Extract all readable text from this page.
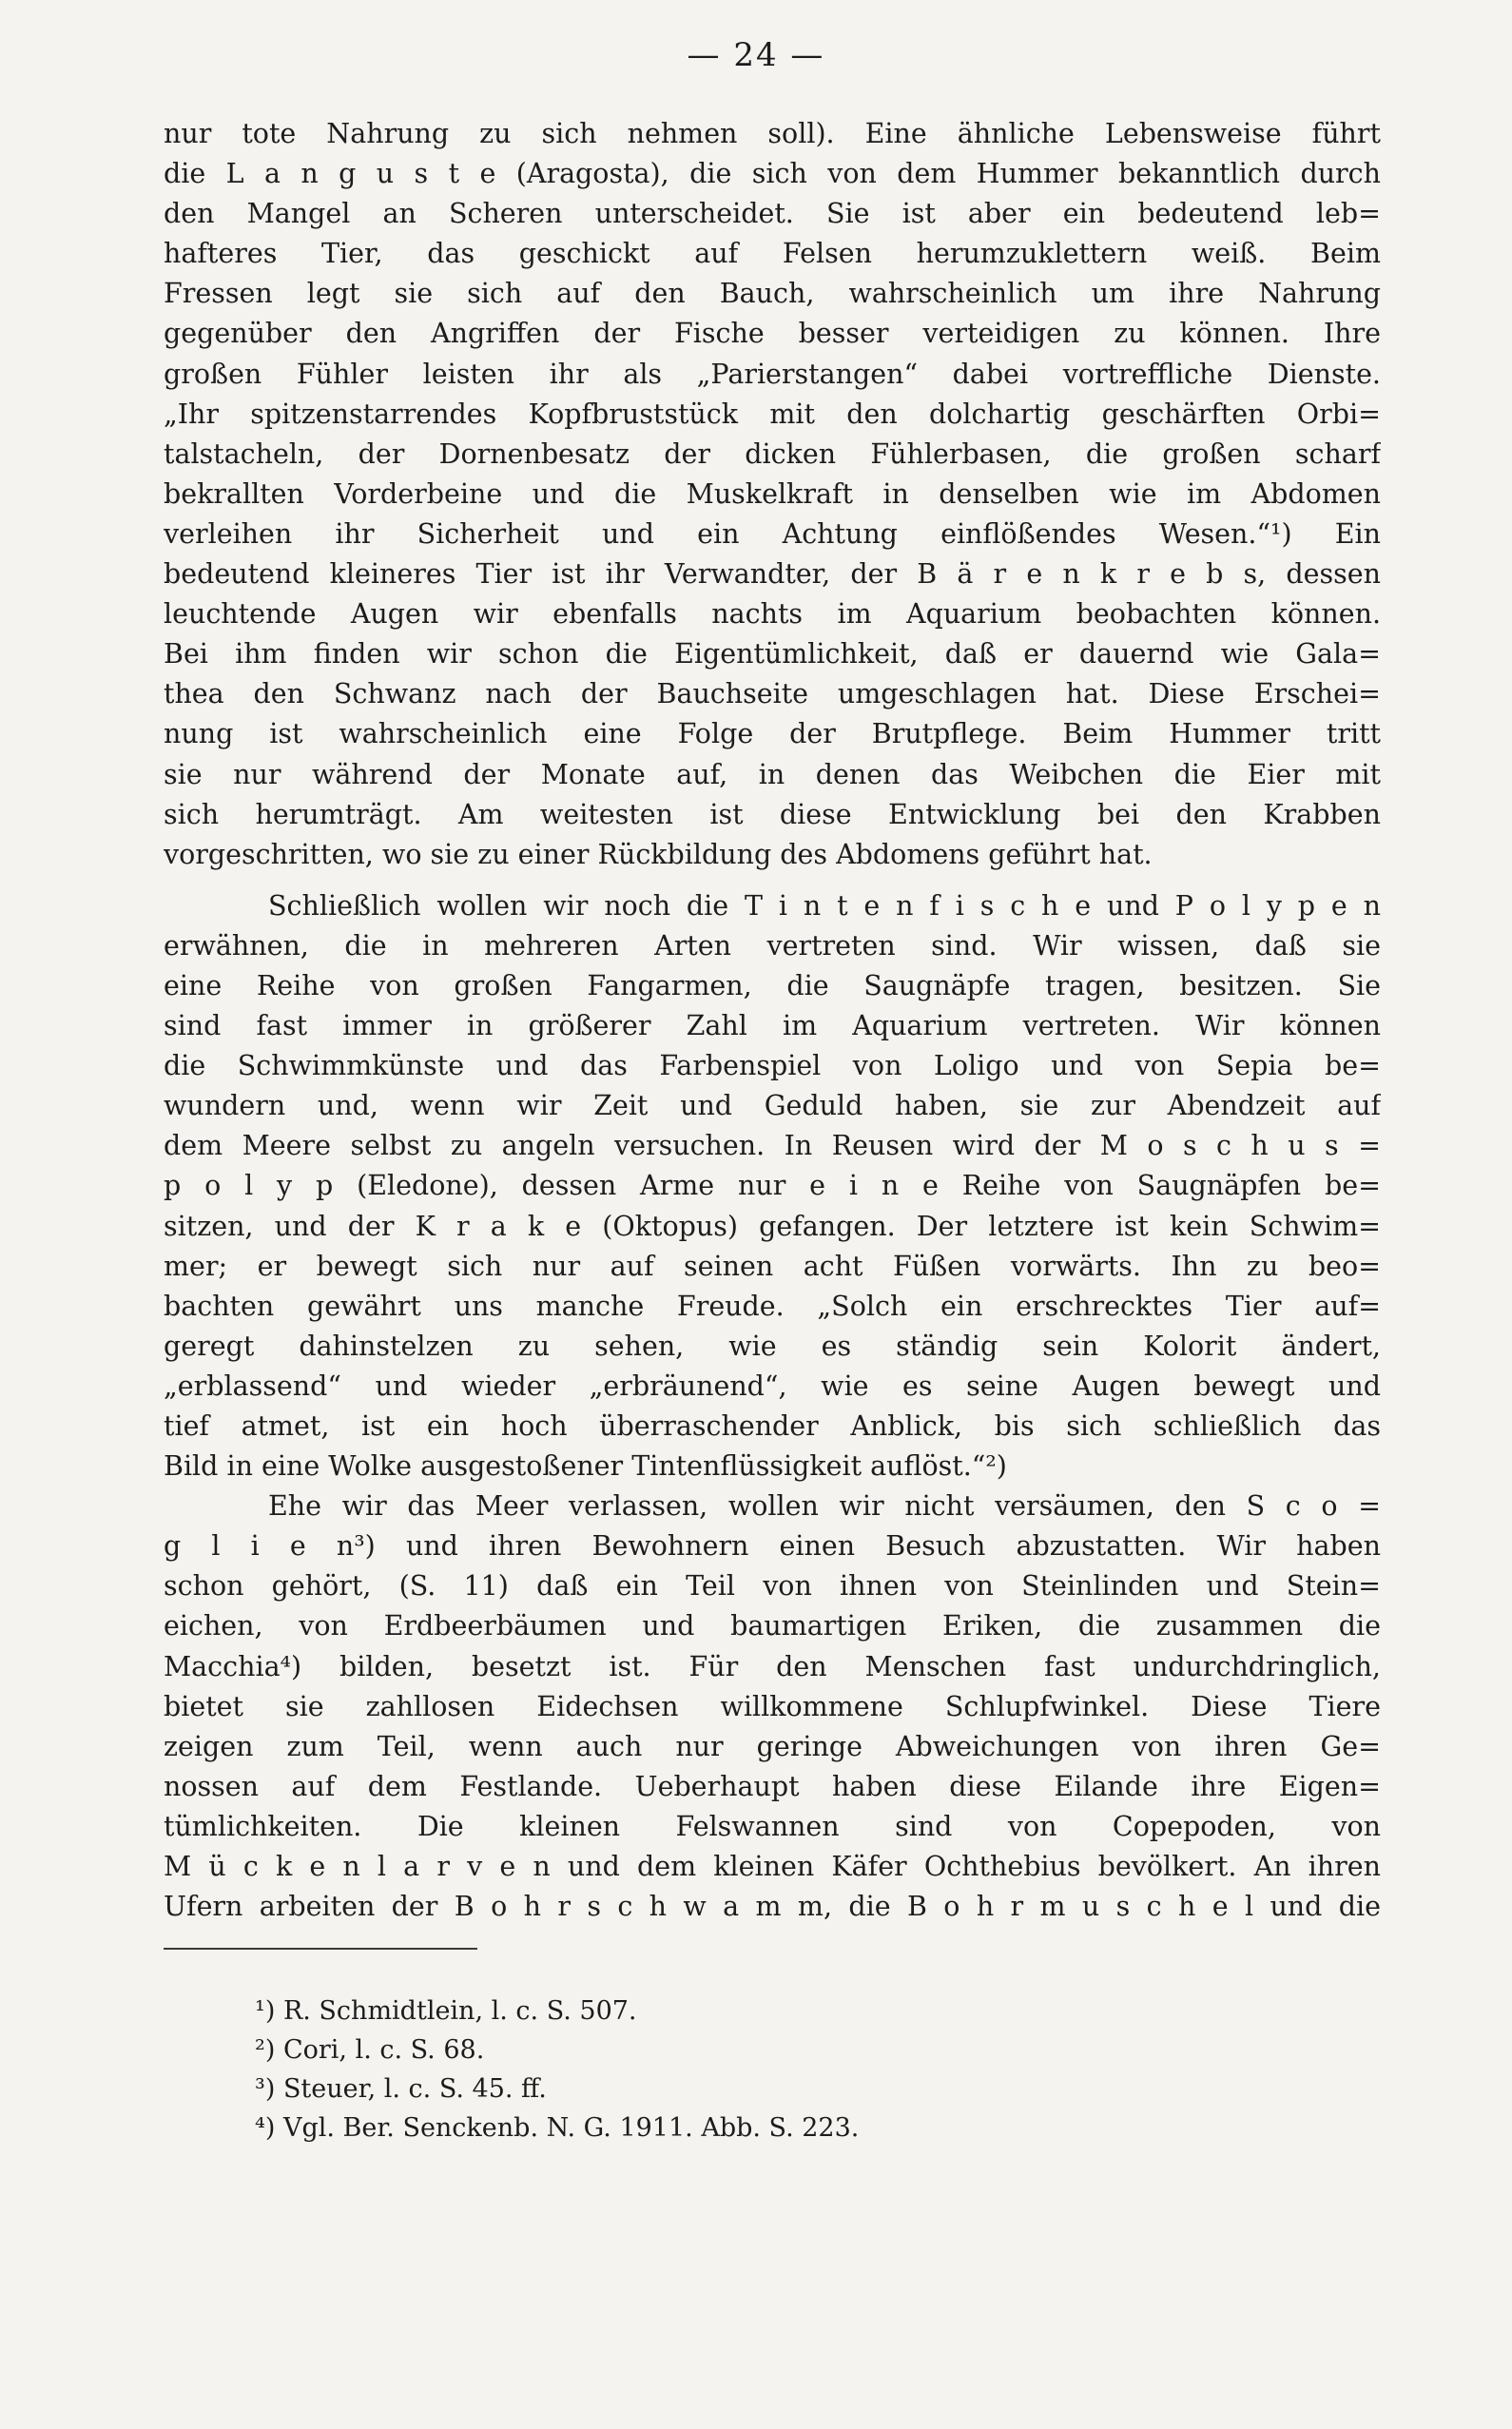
— 24 —
nur tote Nahrung zu sich nehmen soll). Eine ähnliche Lebensweise führt
die L a n g u s t e (Aragosta), die sich von dem Hummer bekanntlich durch
den Mangel an Scheren unterscheidet. Sie ist aber ein bedeutend leb=
hafteres Tier, das geschickt auf Felsen herumzuklettern weiß. Beim
Fressen legt sie sich auf den Bauch, wahrscheinlich um ihre Nahrung
gegenüber den Angriffen der Fische besser verteidigen zu können. Ihre
großen Fühler leisten ihr als „Parierstangen“ dabei vortreffliche Dienste.
„Ihr spitzenstarrendes Kopfbruststück mit den dolchartig geschärften Orbi=
talstacheln, der Dornenbesatz der dicken Fühlerbasen, die großen scharf
bekrallten Vorderbeine und die Muskelkraft in denselben wie im Abdomen
verleihen ihr Sicherheit und ein Achtung einflößendes Wesen.“¹) Ein
bedeutend kleineres Tier ist ihr Verwandter, der B ä r e n k r e b s, dessen
leuchtende Augen wir ebenfalls nachts im Aquarium beobachten können.
Bei ihm finden wir schon die Eigentümlichkeit, daß er dauernd wie Gala=
thea den Schwanz nach der Bauchseite umgeschlagen hat. Diese Erschei=
nung ist wahrscheinlich eine Folge der Brutpflege. Beim Hummer tritt
sie nur während der Monate auf, in denen das Weibchen die Eier mit
sich herumträgt. Am weitesten ist diese Entwicklung bei den Krabben
vorgeschritten, wo sie zu einer Rückbildung des Abdomens geführt hat.
Schließlich wollen wir noch die T i n t e n f i s c h e und P o l y p e n
erwähnen, die in mehreren Arten vertreten sind. Wir wissen, daß sie
eine Reihe von großen Fangarmen, die Saugnäpfe tragen, besitzen. Sie
sind fast immer in größerer Zahl im Aquarium vertreten. Wir können
die Schwimmkünste und das Farbenspiel von Loligo und von Sepia be=
wundern und, wenn wir Zeit und Geduld haben, sie zur Abendzeit auf
dem Meere selbst zu angeln versuchen. In Reusen wird der M o s c h u s =
p o l y p (Eledone), dessen Arme nur e i n e Reihe von Saugnäpfen be=
sitzen, und der K r a k e (Oktopus) gefangen. Der letztere ist kein Schwim=
mer; er bewegt sich nur auf seinen acht Füßen vorwärts. Ihn zu beo=
bachten gewährt uns manche Freude. „Solch ein erschrecktes Tier auf=
geregt dahinstelzen zu sehen, wie es ständig sein Kolorit ändert,
„erblassend“ und wieder „erbräunend“, wie es seine Augen bewegt und
tief atmet, ist ein hoch überraschender Anblick, bis sich schließlich das
Bild in eine Wolke ausgestoßener Tintenflüssigkeit auflöst.“²)
Ehe wir das Meer verlassen, wollen wir nicht versäumen, den S c o =
g l i e n³) und ihren Bewohnern einen Besuch abzustatten. Wir haben
schon gehört, (S. 11) daß ein Teil von ihnen von Steinlinden und Stein=
eichen, von Erdbeerbäumen und baumartigen Eriken, die zusammen die
Macchia⁴) bilden, besetzt ist. Für den Menschen fast undurchdringlich,
bietet sie zahllosen Eidechsen willkommene Schlupfwinkel. Diese Tiere
zeigen zum Teil, wenn auch nur geringe Abweichungen von ihren Ge=
nossen auf dem Festlande. Ueberhaupt haben diese Eilande ihre Eigen=
tümlichkeiten. Die kleinen Felswannen sind von Copepoden, von
M ü c k e n l a r v e n und dem kleinen Käfer Ochthebius bevölkert. An ihren
Ufern arbeiten der B o h r s c h w a m m, die B o h r m u s c h e l und die
¹) R. Schmidtlein, l. c. S. 507.
²) Cori, l. c. S. 68.
³) Steuer, l. c. S. 45. ff.
⁴) Vgl. Ber. Senckenb. N. G. 1911. Abb. S. 223.
